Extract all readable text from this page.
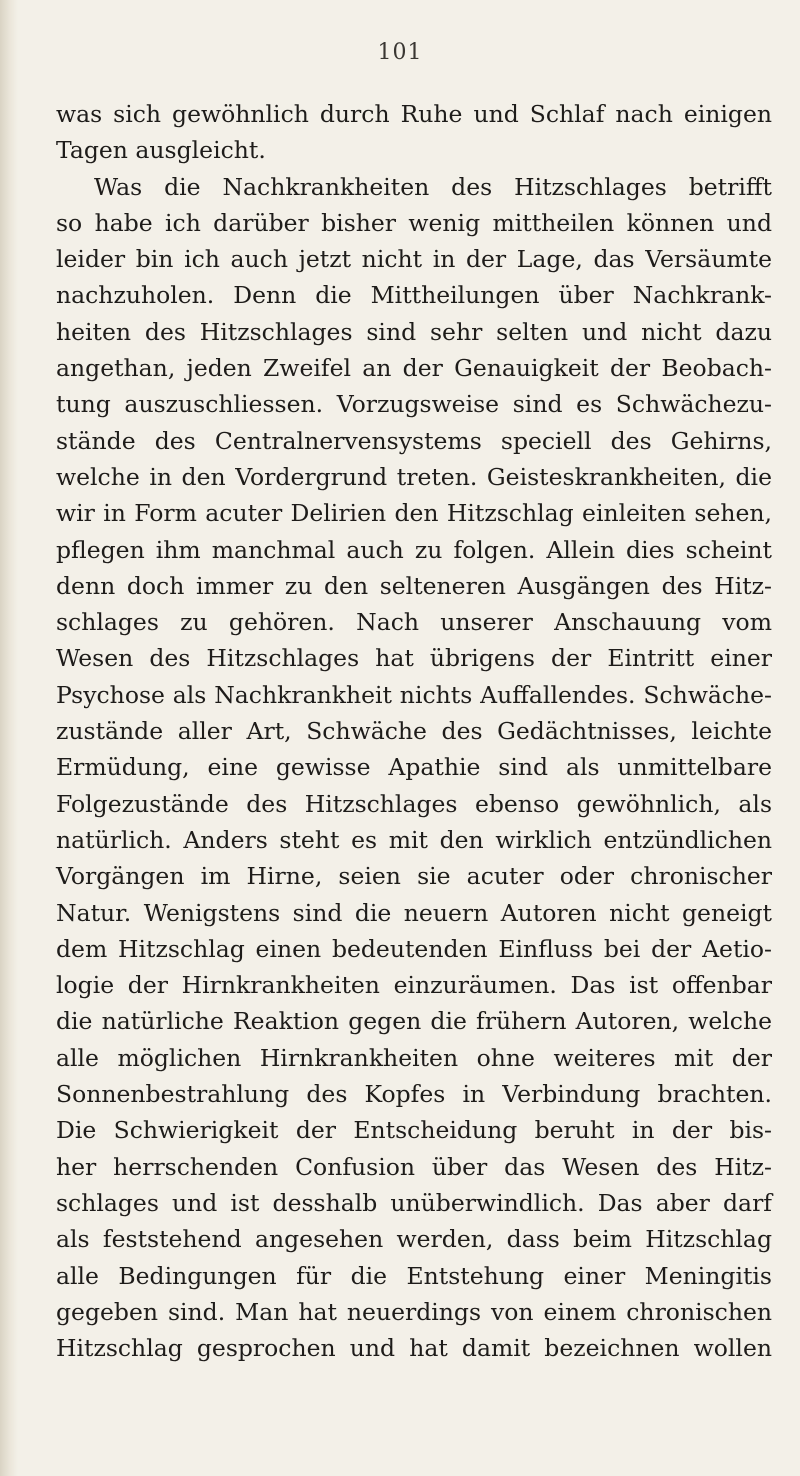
101
was sich gewöhnlich durch Ruhe und Schlaf nach einigen
Tagen ausgleicht.
Was die Nachkrankheiten des Hitzschlages betrifft
so habe ich darüber bisher wenig mittheilen können und
leider bin ich auch jetzt nicht in der Lage, das Versäumte
nachzuholen. Denn die Mittheilungen über Nachkrank-
heiten des Hitzschlages sind sehr selten und nicht dazu
angethan, jeden Zweifel an der Genauigkeit der Beobach-
tung auszuschliessen. Vorzugsweise sind es Schwächezu-
stände des Centralnervensystems speciell des Gehirns,
welche in den Vordergrund treten. Geisteskrankheiten, die
wir in Form acuter Delirien den Hitzschlag einleiten sehen,
pflegen ihm manchmal auch zu folgen. Allein dies scheint
denn doch immer zu den selteneren Ausgängen des Hitz-
schlages zu gehören. Nach unserer Anschauung vom
Wesen des Hitzschlages hat übrigens der Eintritt einer
Psychose als Nachkrankheit nichts Auffallendes. Schwäche-
zustände aller Art, Schwäche des Gedächtnisses, leichte
Ermüdung, eine gewisse Apathie sind als unmittelbare
Folgezustände des Hitzschlages ebenso gewöhnlich, als
natürlich. Anders steht es mit den wirklich entzündlichen
Vorgängen im Hirne, seien sie acuter oder chronischer
Natur. Wenigstens sind die neuern Autoren nicht geneigt
dem Hitzschlag einen bedeutenden Einfluss bei der Aetio-
logie der Hirnkrankheiten einzuräumen. Das ist offenbar
die natürliche Reaktion gegen die frühern Autoren, welche
alle möglichen Hirnkrankheiten ohne weiteres mit der
Sonnenbestrahlung des Kopfes in Verbindung brachten.
Die Schwierigkeit der Entscheidung beruht in der bis-
her herrschenden Confusion über das Wesen des Hitz-
schlages und ist desshalb unüberwindlich. Das aber darf
als feststehend angesehen werden, dass beim Hitzschlag
alle Bedingungen für die Entstehung einer Meningitis
gegeben sind. Man hat neuerdings von einem chronischen
Hitzschlag gesprochen und hat damit bezeichnen wollen
